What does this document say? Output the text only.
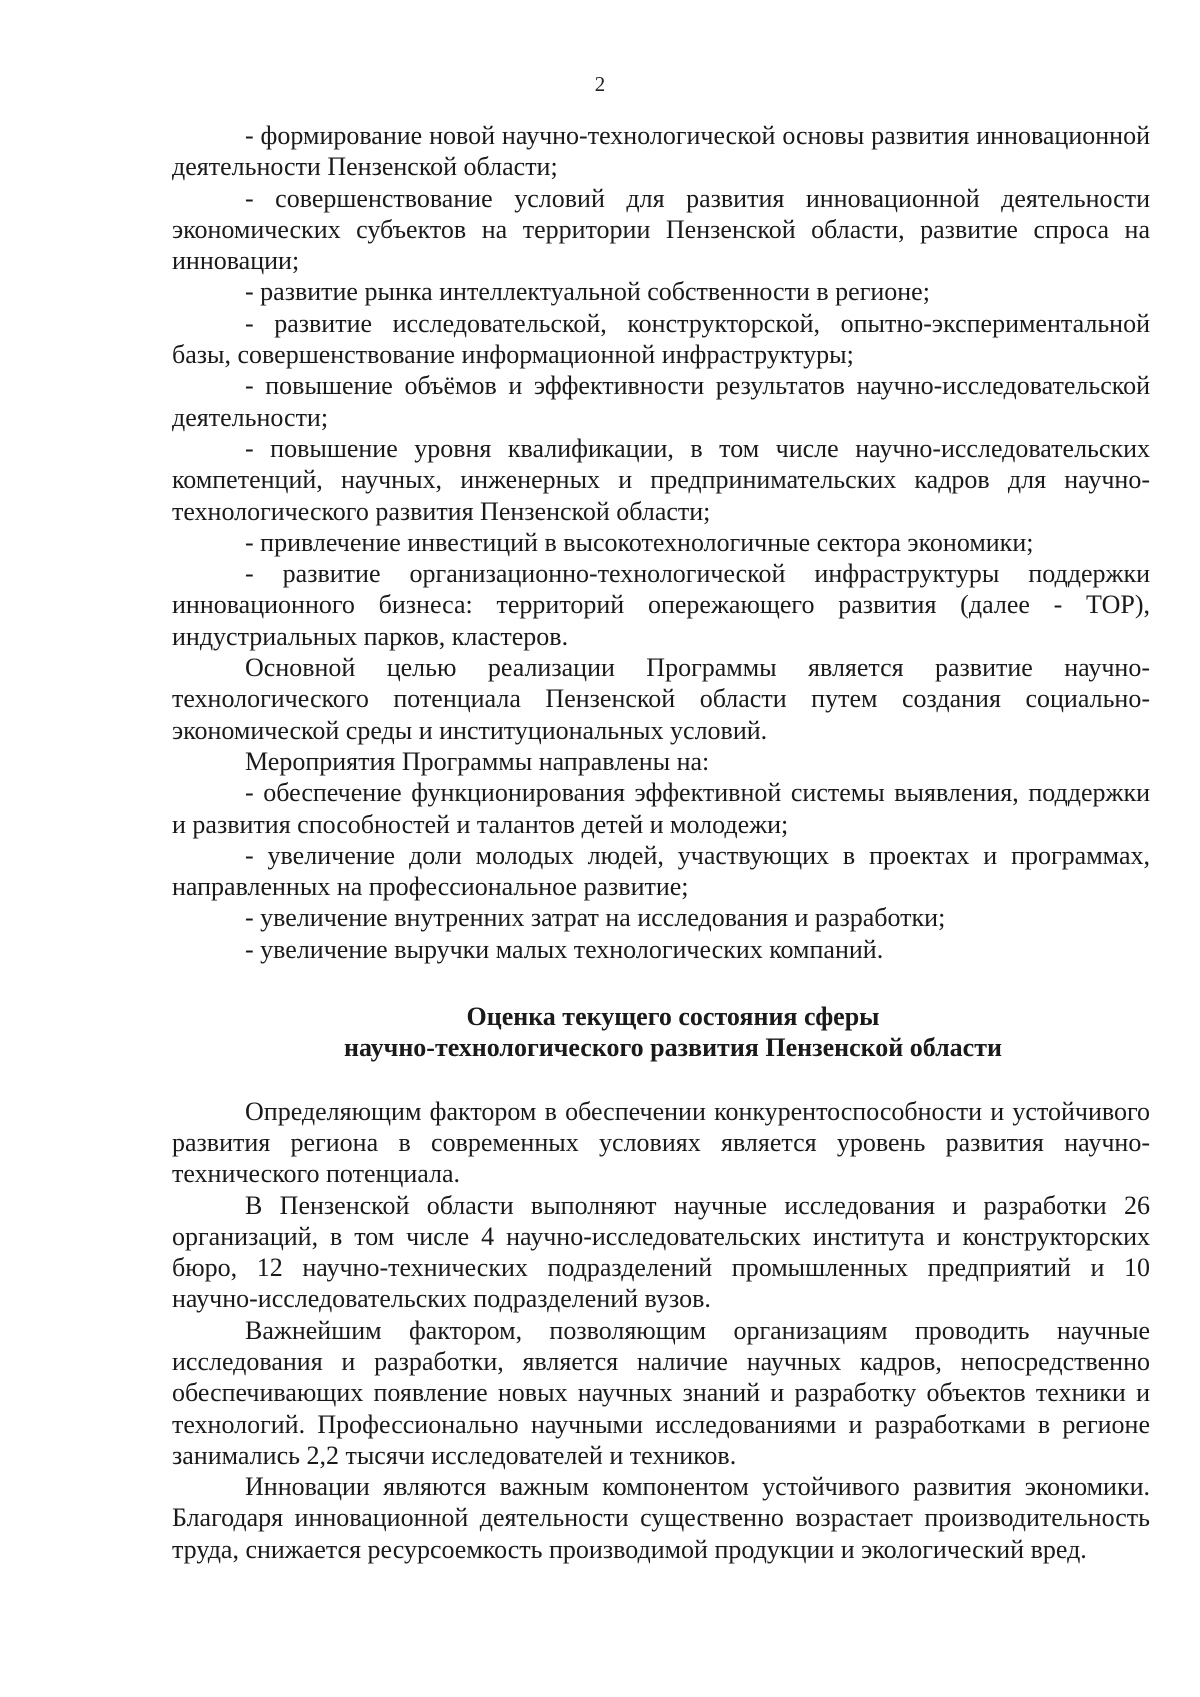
2

- формирование новой научно-технологической основы развития инновационной деятельности Пензенской области;

- совершенствование условий для развития инновационной деятельности экономических субъектов на территории Пензенской области, развитие спроса на инновации;

- развитие рынка интеллектуальной собственности в регионе;

- развитие исследовательской, конструкторской, опытно-экспериментальной базы, совершенствование информационной инфраструктуры;

- повышение объёмов и эффективности результатов научно-исследовательской деятельности;

- повышение уровня квалификации, в том числе научно-исследовательских компетенций, научных, инженерных и предпринимательских кадров для научно-технологического развития Пензенской области;

- привлечение инвестиций в высокотехнологичные сектора экономики;

- развитие организационно-технологической инфраструктуры поддержки инновационного бизнеса: территорий опережающего развития (далее - ТОР), индустриальных парков, кластеров.

Основной целью реализации Программы является развитие научно-технологического потенциала Пензенской области путем создания социально-экономической среды и институциональных условий.

Мероприятия Программы направлены на:

- обеспечение функционирования эффективной системы выявления, поддержки и развития способностей и талантов детей и молодежи;

- увеличение доли молодых людей, участвующих в проектах и программах, направленных на профессиональное развитие;

- увеличение внутренних затрат на исследования и разработки;

- увеличение выручки малых технологических компаний.

Оценка текущего состояния сферы

научно-технологического развития Пензенской области

Определяющим фактором в обеспечении конкурентоспособности и устойчивого развития региона в современных условиях является уровень развития научно-технического потенциала.

В Пензенской области выполняют научные исследования и разработки 26 организаций, в том числе 4 научно-исследовательских института и конструкторских бюро, 12 научно-технических подразделений промышленных предприятий и 10 научно-исследовательских подразделений вузов.

Важнейшим фактором, позволяющим организациям проводить научные исследования и разработки, является наличие научных кадров, непосредственно обеспечивающих появление новых научных знаний и разработку объектов техники и технологий. Профессионально научными исследованиями и разработками в регионе занимались 2,2 тысячи исследователей и техников.

Инновации являются важным компонентом устойчивого развития экономики. Благодаря инновационной деятельности существенно возрастает производительность труда, снижается ресурсоемкость производимой продукции и экологический вред.
